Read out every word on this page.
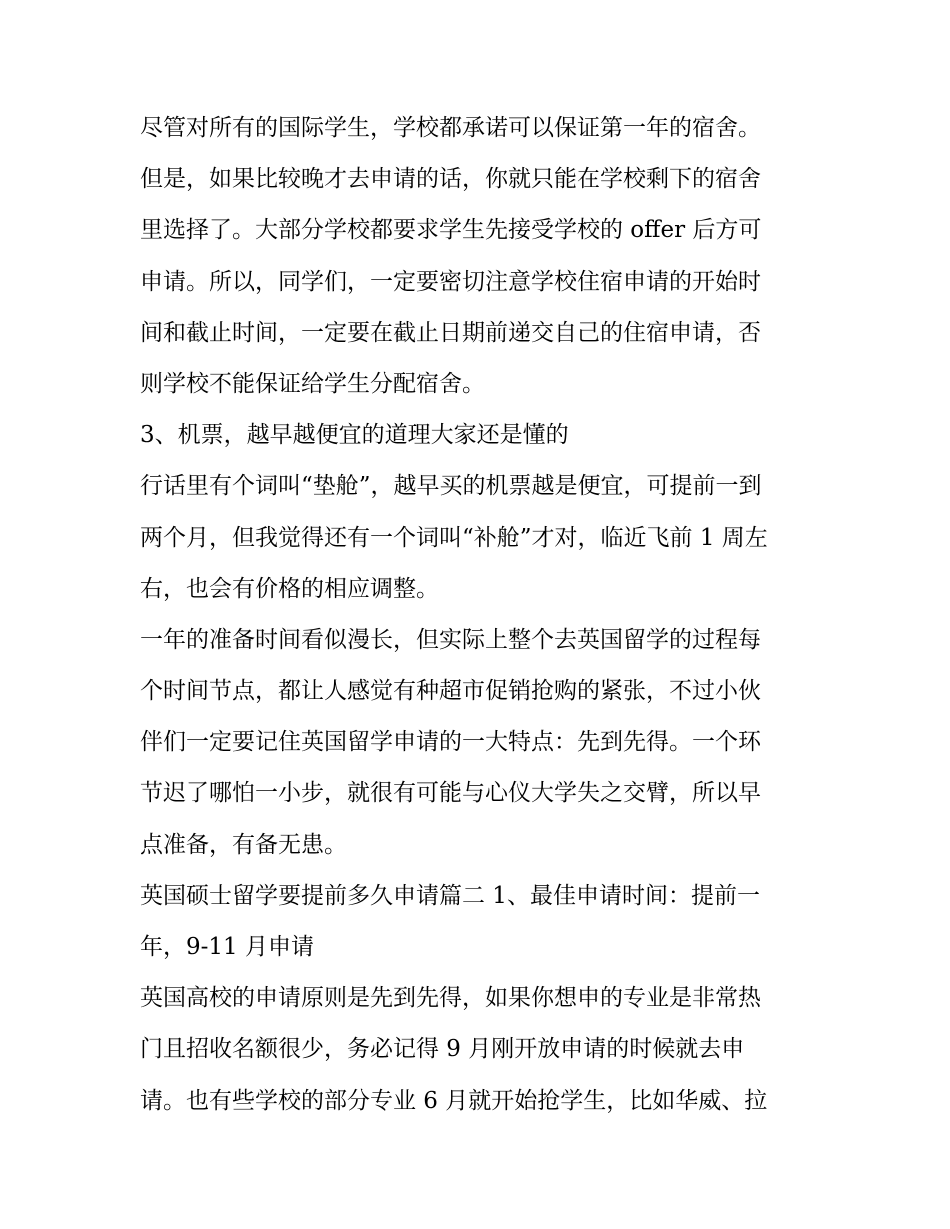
尽管对所有的国际学生，学校都承诺可以保证第一年的宿舍。
但是，如果比较晚才去申请的话，你就只能在学校剩下的宿舍
里选择了。大部分学校都要求学生先接受学校的 offer 后方可
申请。所以，同学们，一定要密切注意学校住宿申请的开始时
间和截止时间，一定要在截止日期前递交自己的住宿申请，否
则学校不能保证给学生分配宿舍。
3、机票，越早越便宜的道理大家还是懂的
行话里有个词叫“垫舱”，越早买的机票越是便宜，可提前一到
两个月，但我觉得还有一个词叫“补舱”才对，临近飞前 1 周左
右，也会有价格的相应调整。
一年的准备时间看似漫长，但实际上整个去英国留学的过程每
个时间节点，都让人感觉有种超市促销抢购的紧张，不过小伙
伴们一定要记住英国留学申请的一大特点：先到先得。一个环
节迟了哪怕一小步，就很有可能与心仪大学失之交臂，所以早
点准备，有备无患。
英国硕士留学要提前多久申请篇二 1、最佳申请时间：提前一
年，9-11 月申请
英国高校的申请原则是先到先得，如果你想申的专业是非常热
门且招收名额很少，务必记得 9 月刚开放申请的时候就去申
请。也有些学校的部分专业 6 月就开始抢学生，比如华威、拉
